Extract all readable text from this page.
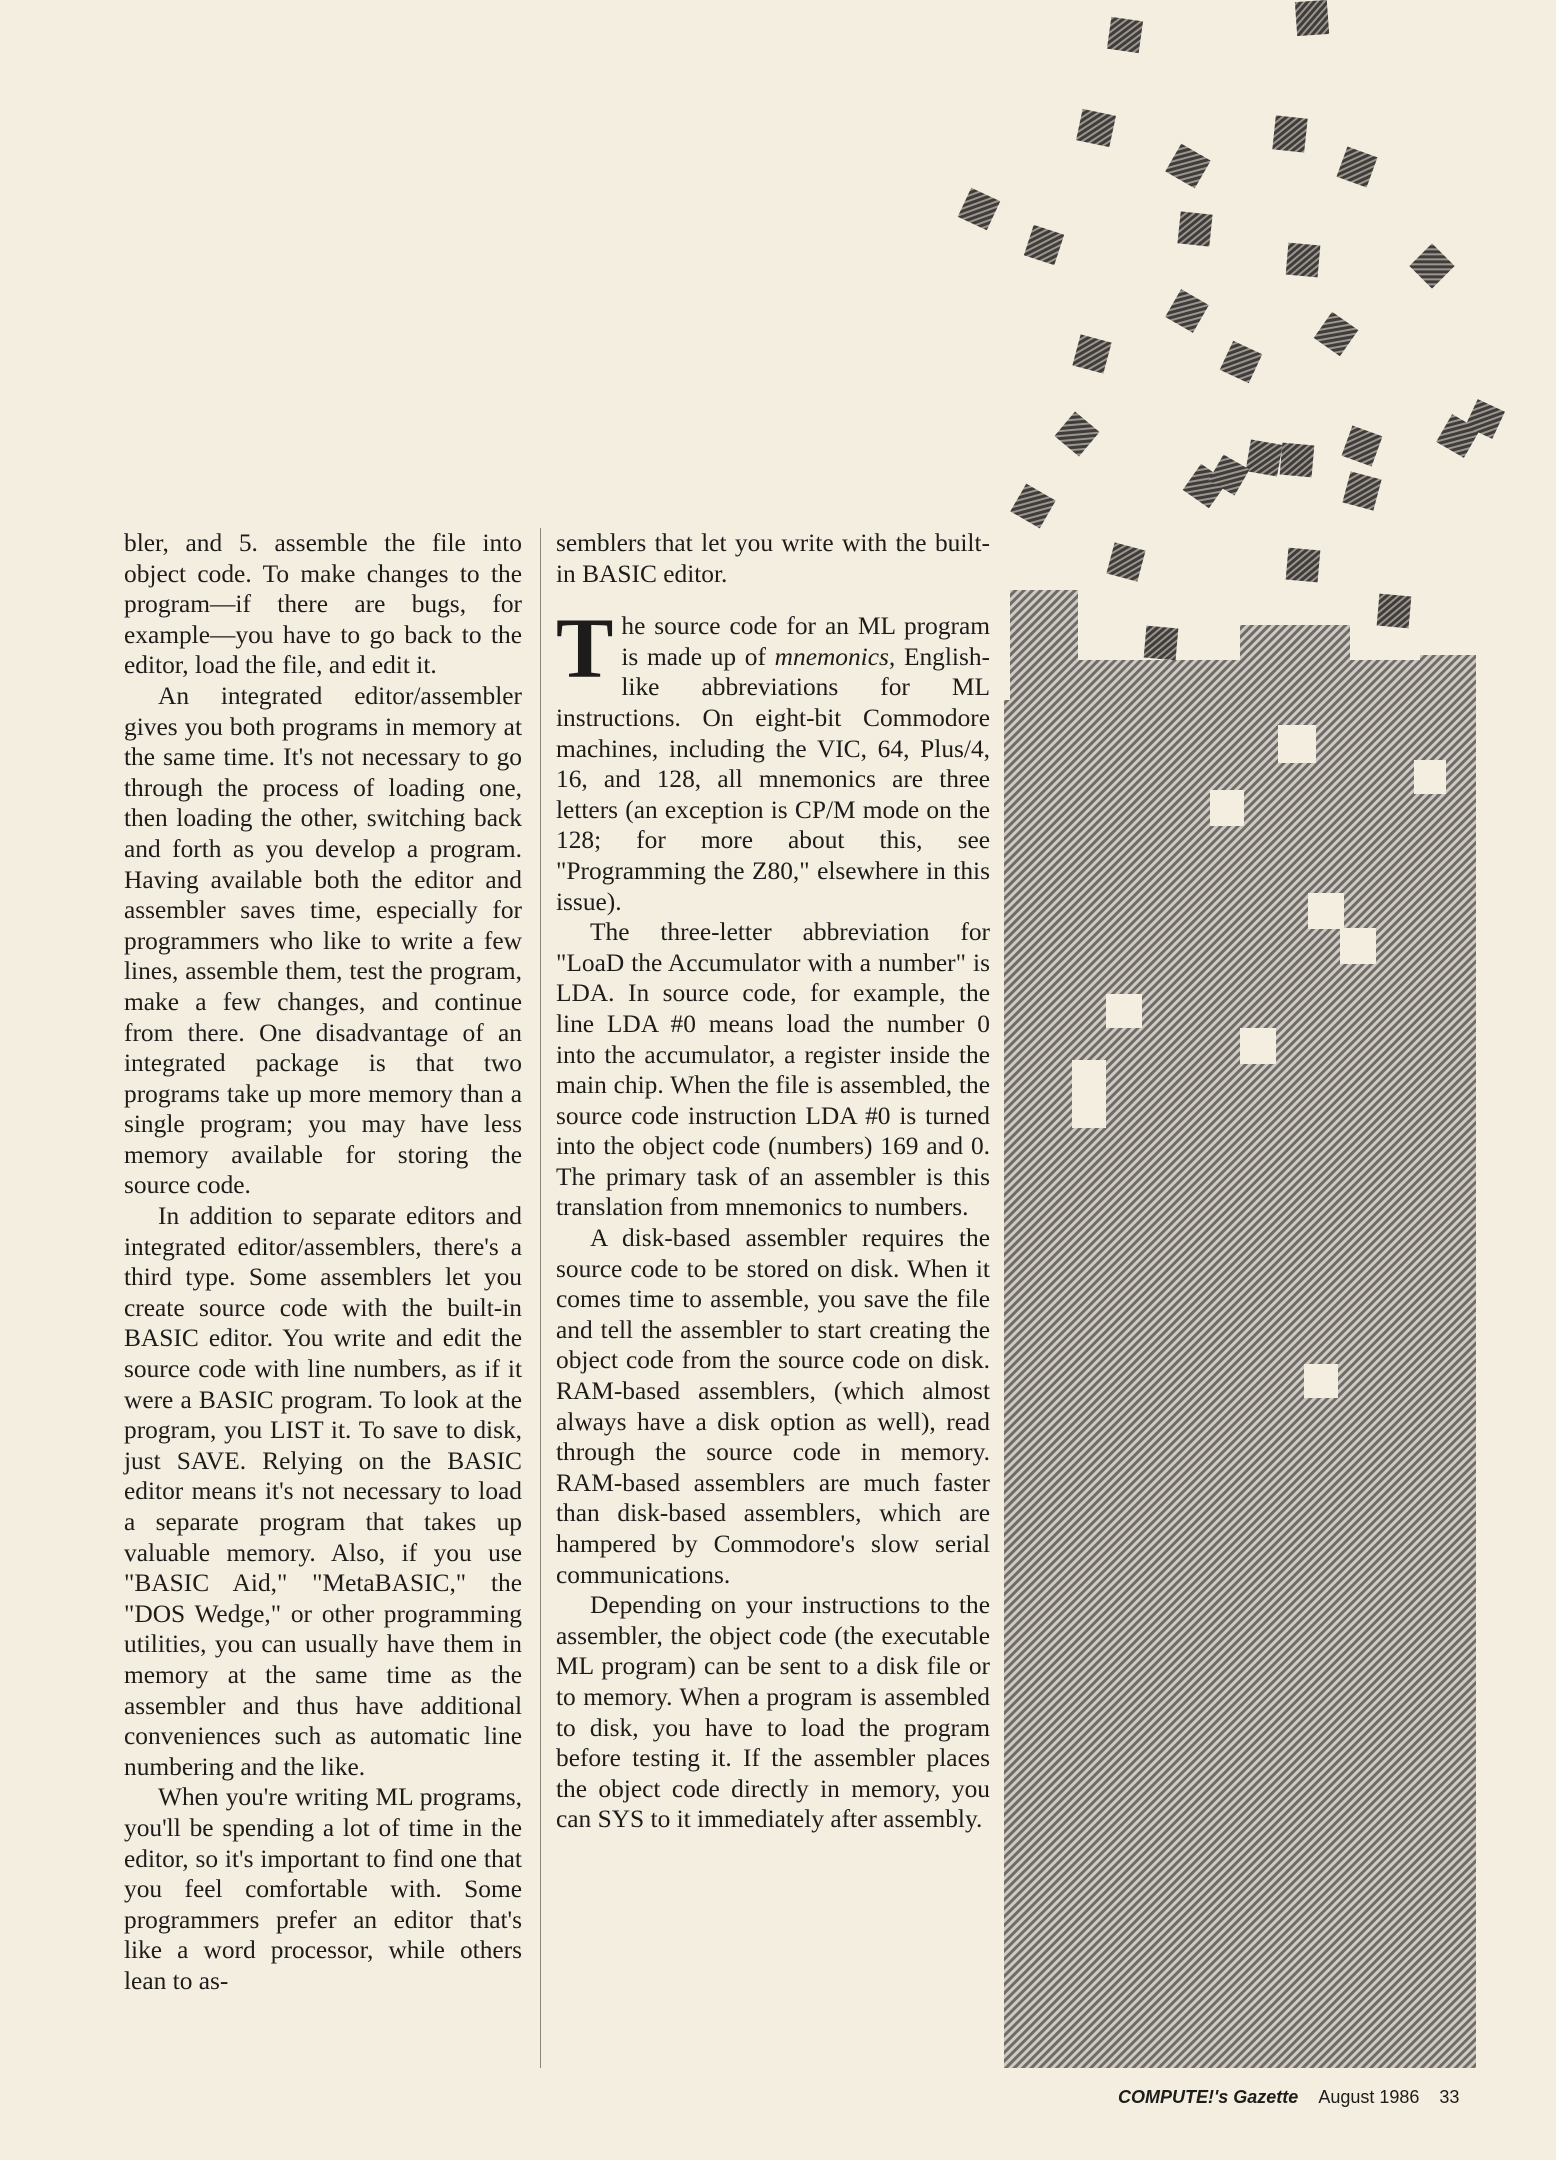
bler, and 5. assemble the file into object code. To make changes to the program—if there are bugs, for example—you have to go back to the editor, load the file, and edit it.

An integrated editor/assembler gives you both programs in memory at the same time. It's not necessary to go through the process of loading one, then loading the other, switching back and forth as you develop a program. Having available both the editor and assembler saves time, especially for programmers who like to write a few lines, assemble them, test the program, make a few changes, and continue from there. One disadvantage of an integrated package is that two programs take up more memory than a single program; you may have less memory available for storing the source code.

In addition to separate editors and integrated editor/assemblers, there's a third type. Some assemblers let you create source code with the built-in BASIC editor. You write and edit the source code with line numbers, as if it were a BASIC program. To look at the program, you LIST it. To save to disk, just SAVE. Relying on the BASIC editor means it's not necessary to load a separate program that takes up valuable memory. Also, if you use "BASIC Aid," "MetaBASIC," the "DOS Wedge," or other programming utilities, you can usually have them in memory at the same time as the assembler and thus have additional conveniences such as automatic line numbering and the like.

When you're writing ML programs, you'll be spending a lot of time in the editor, so it's important to find one that you feel comfortable with. Some programmers prefer an editor that's like a word processor, while others lean to as-

semblers that let you write with the built-in BASIC editor.

The source code for an ML program is made up of mnemonics, English-like abbreviations for ML instructions. On eight-bit Commodore machines, including the VIC, 64, Plus/4, 16, and 128, all mnemonics are three letters (an exception is CP/M mode on the 128; for more about this, see "Programming the Z80," elsewhere in this issue).

The three-letter abbreviation for "LoaD the Accumulator with a number" is LDA. In source code, for example, the line LDA #0 means load the number 0 into the accumulator, a register inside the main chip. When the file is assembled, the source code instruction LDA #0 is turned into the object code (numbers) 169 and 0. The primary task of an assembler is this translation from mnemonics to numbers.

A disk-based assembler requires the source code to be stored on disk. When it comes time to assemble, you save the file and tell the assembler to start creating the object code from the source code on disk. RAM-based assemblers, (which almost always have a disk option as well), read through the source code in memory. RAM-based assemblers are much faster than disk-based assemblers, which are hampered by Commodore's slow serial communications.

Depending on your instructions to the assembler, the object code (the executable ML program) can be sent to a disk file or to memory. When a program is assembled to disk, you have to load the program before testing it. If the assembler places the object code directly in memory, you can SYS to it immediately after assembly.

COMPUTE!'s Gazette August 1986 33
